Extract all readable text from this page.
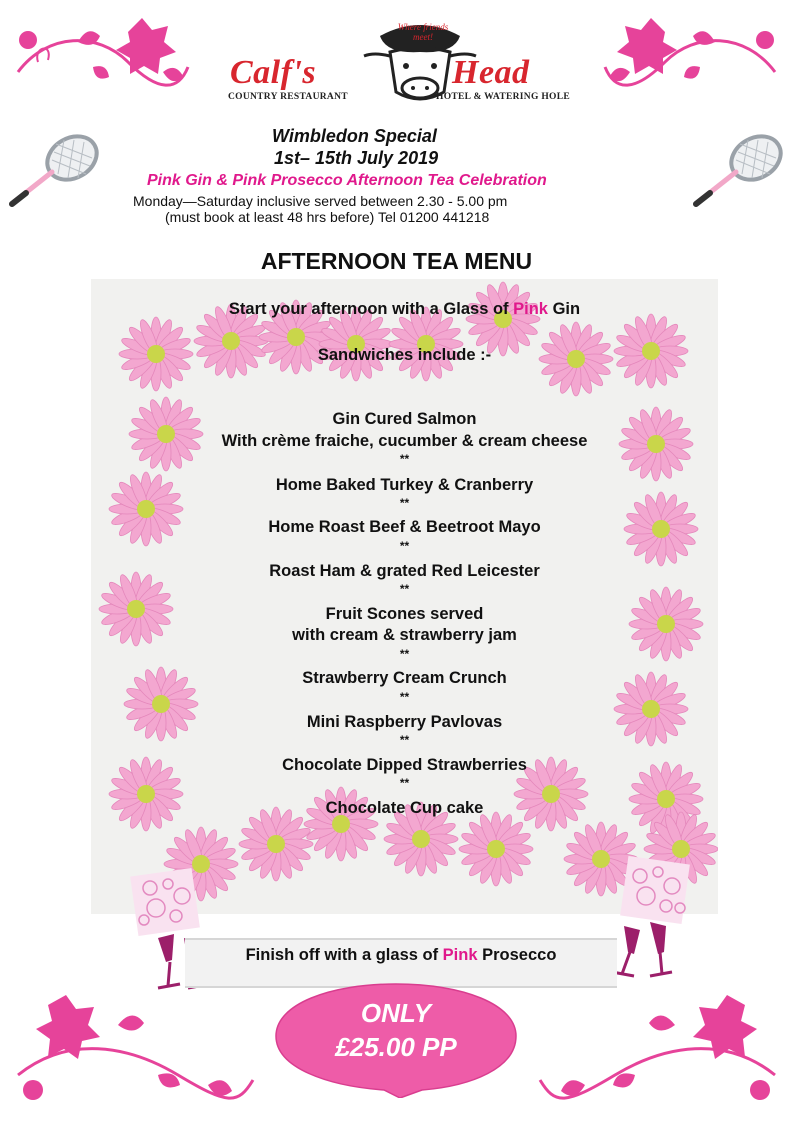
Where friends meet!
Calf's	Head
COUNTRY RESTAURANT	HOTEL & WATERING HOLE
Wimbledon Special
1st– 15th July 2019
Pink Gin & Pink Prosecco Afternoon Tea Celebration
Monday—Saturday inclusive served between 2.30 - 5.00 pm
(must book at least 48 hrs before) Tel 01200 441218
AFTERNOON TEA MENU
Start your afternoon with a Glass of Pink Gin
Sandwiches include :-
Gin Cured Salmon
With crème fraiche, cucumber & cream cheese
**
Home Baked Turkey & Cranberry
**
Home Roast Beef & Beetroot Mayo
**
Roast Ham & grated Red Leicester
**
Fruit Scones served
with cream & strawberry jam
**
Strawberry Cream Crunch
**
Mini Raspberry Pavlovas
**
Chocolate Dipped Strawberries
**
Chocolate Cup cake
Finish off with a glass of Pink Prosecco
ONLY
£25.00 PP
